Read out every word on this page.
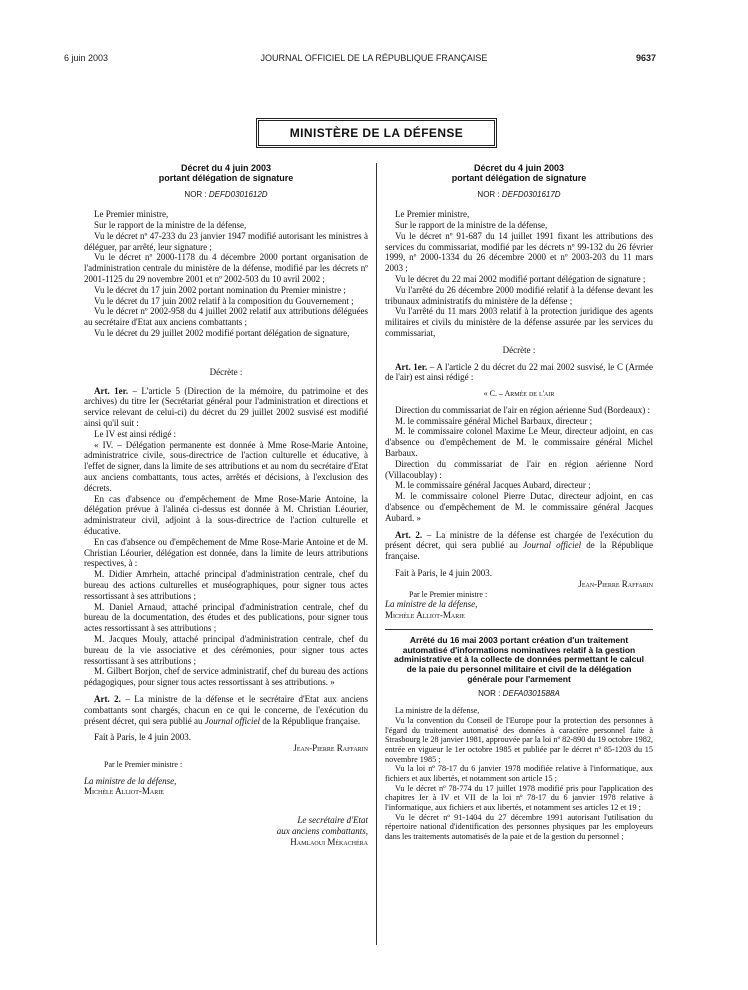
6 juin 2003	JOURNAL OFFICIEL DE LA RÉPUBLIQUE FRANÇAISE	9637
MINISTÈRE DE LA DÉFENSE
Décret du 4 juin 2003
portant délégation de signature
NOR : DEFD0301612D

Le Premier ministre,

Sur le rapport de la ministre de la défense,

Vu le décret nº 47-233 du 23 janvier 1947 modifié autorisant les ministres à déléguer, par arrêté, leur signature ;

Vu le décret nº 2000-1178 du 4 décembre 2000 portant organisation de l'administration centrale du ministère de la défense, modifié par les décrets nº 2001-1125 du 29 novembre 2001 et nº 2002-503 du 10 avril 2002 ;

Vu le décret du 17 juin 2002 portant nomination du Premier ministre ;

Vu le décret du 17 juin 2002 relatif à la composition du Gouvernement ;

Vu le décret nº 2002-958 du 4 juillet 2002 relatif aux attributions déléguées au secrétaire d'Etat aux anciens combattants ;

Vu le décret du 29 juillet 2002 modifié portant délégation de signature,

Décrète :

Art. 1er. – L'article 5 (Direction de la mémoire, du patrimoine et des archives) du titre Ier (Secrétariat général pour l'administration et directions et service relevant de celui-ci) du décret du 29 juillet 2002 susvisé est modifié ainsi qu'il suit :

Le IV est ainsi rédigé :

« IV. – Délégation permanente est donnée à Mme Rose-Marie Antoine, administratrice civile, sous-directrice de l'action culturelle et éducative, à l'effet de signer, dans la limite de ses attributions et au nom du secrétaire d'Etat aux anciens combattants, tous actes, arrêtés et décisions, à l'exclusion des décrets.

En cas d'absence ou d'empêchement de Mme Rose-Marie Antoine, la délégation prévue à l'alinéa ci-dessus est donnée à M. Christian Léourier, administrateur civil, adjoint à la sous-directrice de l'action culturelle et éducative.

En cas d'absence ou d'empêchement de Mme Rose-Marie Antoine et de M. Christian Léourier, délégation est donnée, dans la limite de leurs attributions respectives, à :

M. Didier Amrhein, attaché principal d'administration centrale, chef du bureau des actions culturelles et muséographiques, pour signer tous actes ressortissant à ses attributions ;

M. Daniel Arnaud, attaché principal d'administration centrale, chef du bureau de la documentation, des études et des publications, pour signer tous actes ressortissant à ses attributions ;

M. Jacques Mouly, attaché principal d'administration centrale, chef du bureau de la vie associative et des cérémonies, pour signer tous actes ressortissant à ses attributions ;

M. Gilbert Borjon, chef de service administratif, chef du bureau des actions pédagogiques, pour signer tous actes ressortissant à ses attributions. »

Art. 2. – La ministre de la défense et le secrétaire d'Etat aux anciens combattants sont chargés, chacun en ce qui le concerne, de l'exécution du présent décret, qui sera publié au Journal officiel de la République française.

Fait à Paris, le 4 juin 2003.

Jean-Pierre Raffarin

Par le Premier ministre :

La ministre de la défense,

Michèle Alliot-Marie

Le secrétaire d'Etat

aux anciens combattants,

Hamlaoui Mékachéra

Décret du 4 juin 2003
portant délégation de signature
NOR : DEFD0301617D

Le Premier ministre,

Sur le rapport de la ministre de la défense,

Vu le décret nº 91-687 du 14 juillet 1991 fixant les attributions des services du commissariat, modifié par les décrets nº 99-132 du 26 février 1999, nº 2000-1334 du 26 décembre 2000 et nº 2003-203 du 11 mars 2003 ;

Vu le décret du 22 mai 2002 modifié portant délégation de signature ;

Vu l'arrêté du 26 décembre 2000 modifié relatif à la défense devant les tribunaux administratifs du ministère de la défense ;

Vu l'arrêté du 11 mars 2003 relatif à la protection juridique des agents militaires et civils du ministère de la défense assurée par les services du commissariat,

Décrète :

Art. 1er. – A l'article 2 du décret du 22 mai 2002 susvisé, le C (Armée de l'air) est ainsi rédigé :

« C. – Armée de l'air

Direction du commissariat de l'air en région aérienne Sud (Bordeaux) :

M. le commissaire général Michel Barbaux, directeur ;

M. le commissaire colonel Maxime Le Meur, directeur adjoint, en cas d'absence ou d'empêchement de M. le commissaire général Michel Barbaux.

Direction du commissariat de l'air en région aérienne Nord (Villacoublay) :

M. le commissaire général Jacques Aubard, directeur ;

M. le commissaire colonel Pierre Dutac, directeur adjoint, en cas d'absence ou d'empêchement de M. le commissaire général Jacques Aubard. »

Art. 2. – La ministre de la défense est chargée de l'exécution du présent décret, qui sera publié au Journal officiel de la République française.

Fait à Paris, le 4 juin 2003.

Jean-Pierre Raffarin

Par le Premier ministre :

La ministre de la défense,

Michèle Alliot-Marie

Arrêté du 16 mai 2003 portant création d'un traitement automatisé d'informations nominatives relatif à la gestion administrative et à la collecte de données permettant le calcul de la paie du personnel militaire et civil de la délégation générale pour l'armement
NOR : DEFA0301588A

La ministre de la défense,

Vu la convention du Conseil de l'Europe pour la protection des personnes à l'égard du traitement automatisé des données à caractère personnel faite à Strasbourg le 28 janvier 1981, approuvée par la loi nº 82-890 du 19 octobre 1982, entrée en vigueur le 1er octobre 1985 et publiée par le décret nº 85-1203 du 15 novembre 1985 ;

Vu la loi nº 78-17 du 6 janvier 1978 modifiée relative à l'informatique, aux fichiers et aux libertés, et notamment son article 15 ;

Vu le décret nº 78-774 du 17 juillet 1978 modifié pris pour l'application des chapitres Ier à IV et VII de la loi nº 78-17 du 6 janvier 1978 relative à l'informatique, aux fichiers et aux libertés, et notamment ses articles 12 et 19 ;

Vu le décret nº 91-1404 du 27 décembre 1991 autorisant l'utilisation du répertoire national d'identification des personnes physiques par les employeurs dans les traitements automatisés de la paie et de la gestion du personnel ;
